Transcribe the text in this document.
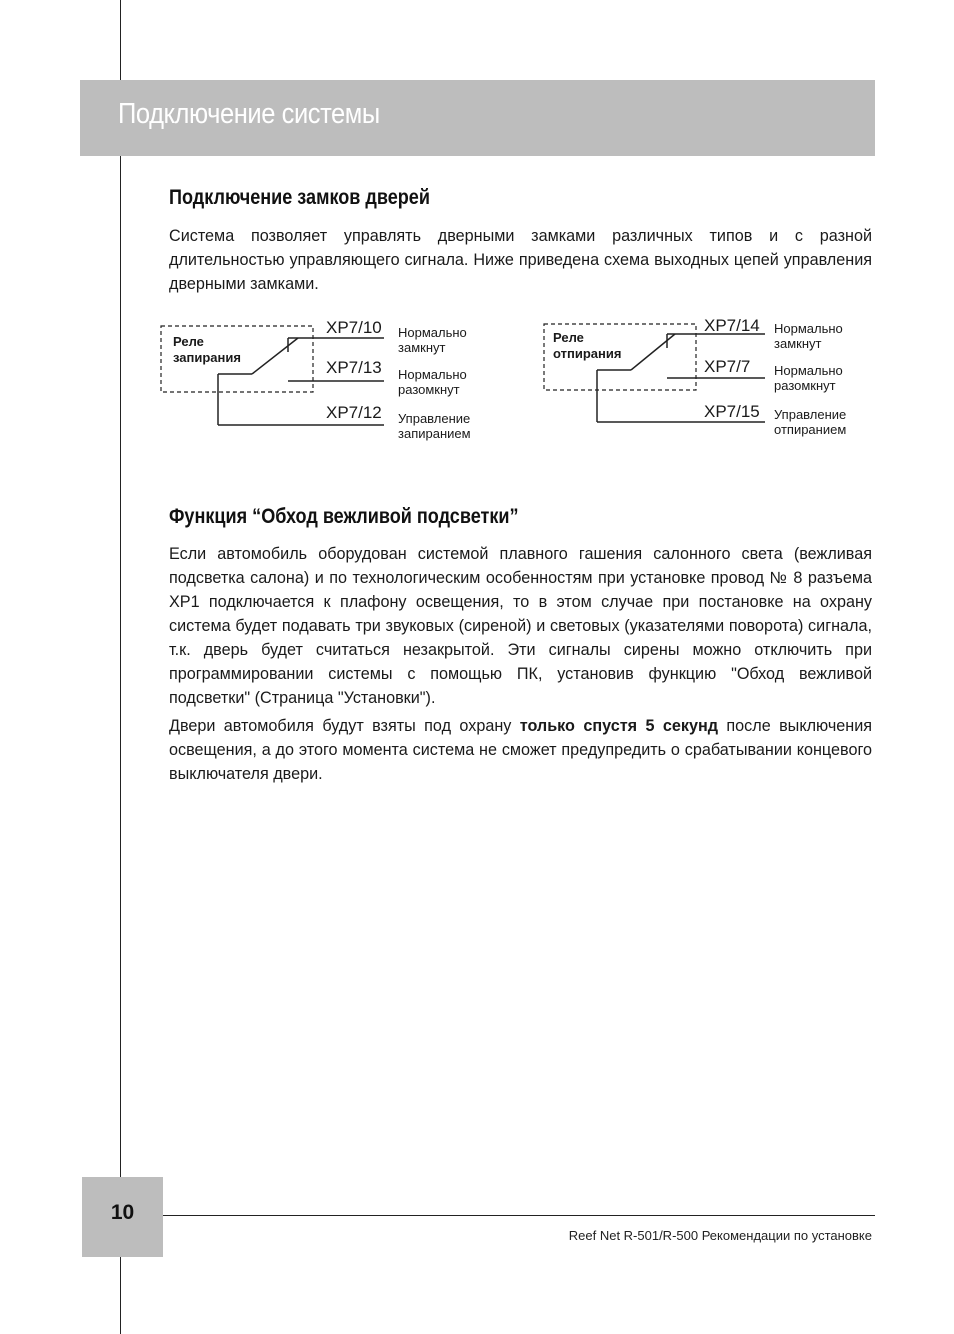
Подключение системы
Подключение замков дверей

Система позволяет управлять дверными замками различных типов и с разной длительностью управляющего сигнала. Ниже приведена схема выходных цепей управления дверными замками.

Реле
запирания
XP7/10
XP7/13
XP7/12
Нормально
замкнут
Нормально
разомкнут
Управление
запиранием
Реле
отпирания
XP7/14
XP7/7
XP7/15
Нормально
замкнут
Нормально
разомкнут
Управление
отпиранием
Функция “Обход вежливой подсветки”

Если автомобиль оборудован системой плавного гашения салонного света (вежливая подсветка салона) и по технологическим особенностям при установке провод № 8 разъема XP1 подключается к плафону освещения, то в этом случае при постановке на охрану система будет подавать три звуковых (сиреной) и световых (указателями поворота) сигнала, т.к. дверь будет считаться незакрытой. Эти сигналы сирены можно отключить при программировании системы с помощью ПК, установив функцию "Обход вежливой подсветки" (Страница "Установки").

Двери автомобиля будут взяты под охрану только спустя 5 секунд после выключения освещения, а до этого момента система не сможет предупредить о срабатывании концевого выключателя двери.

10
Reef Net R-501/R-500 Рекомендации по установке
